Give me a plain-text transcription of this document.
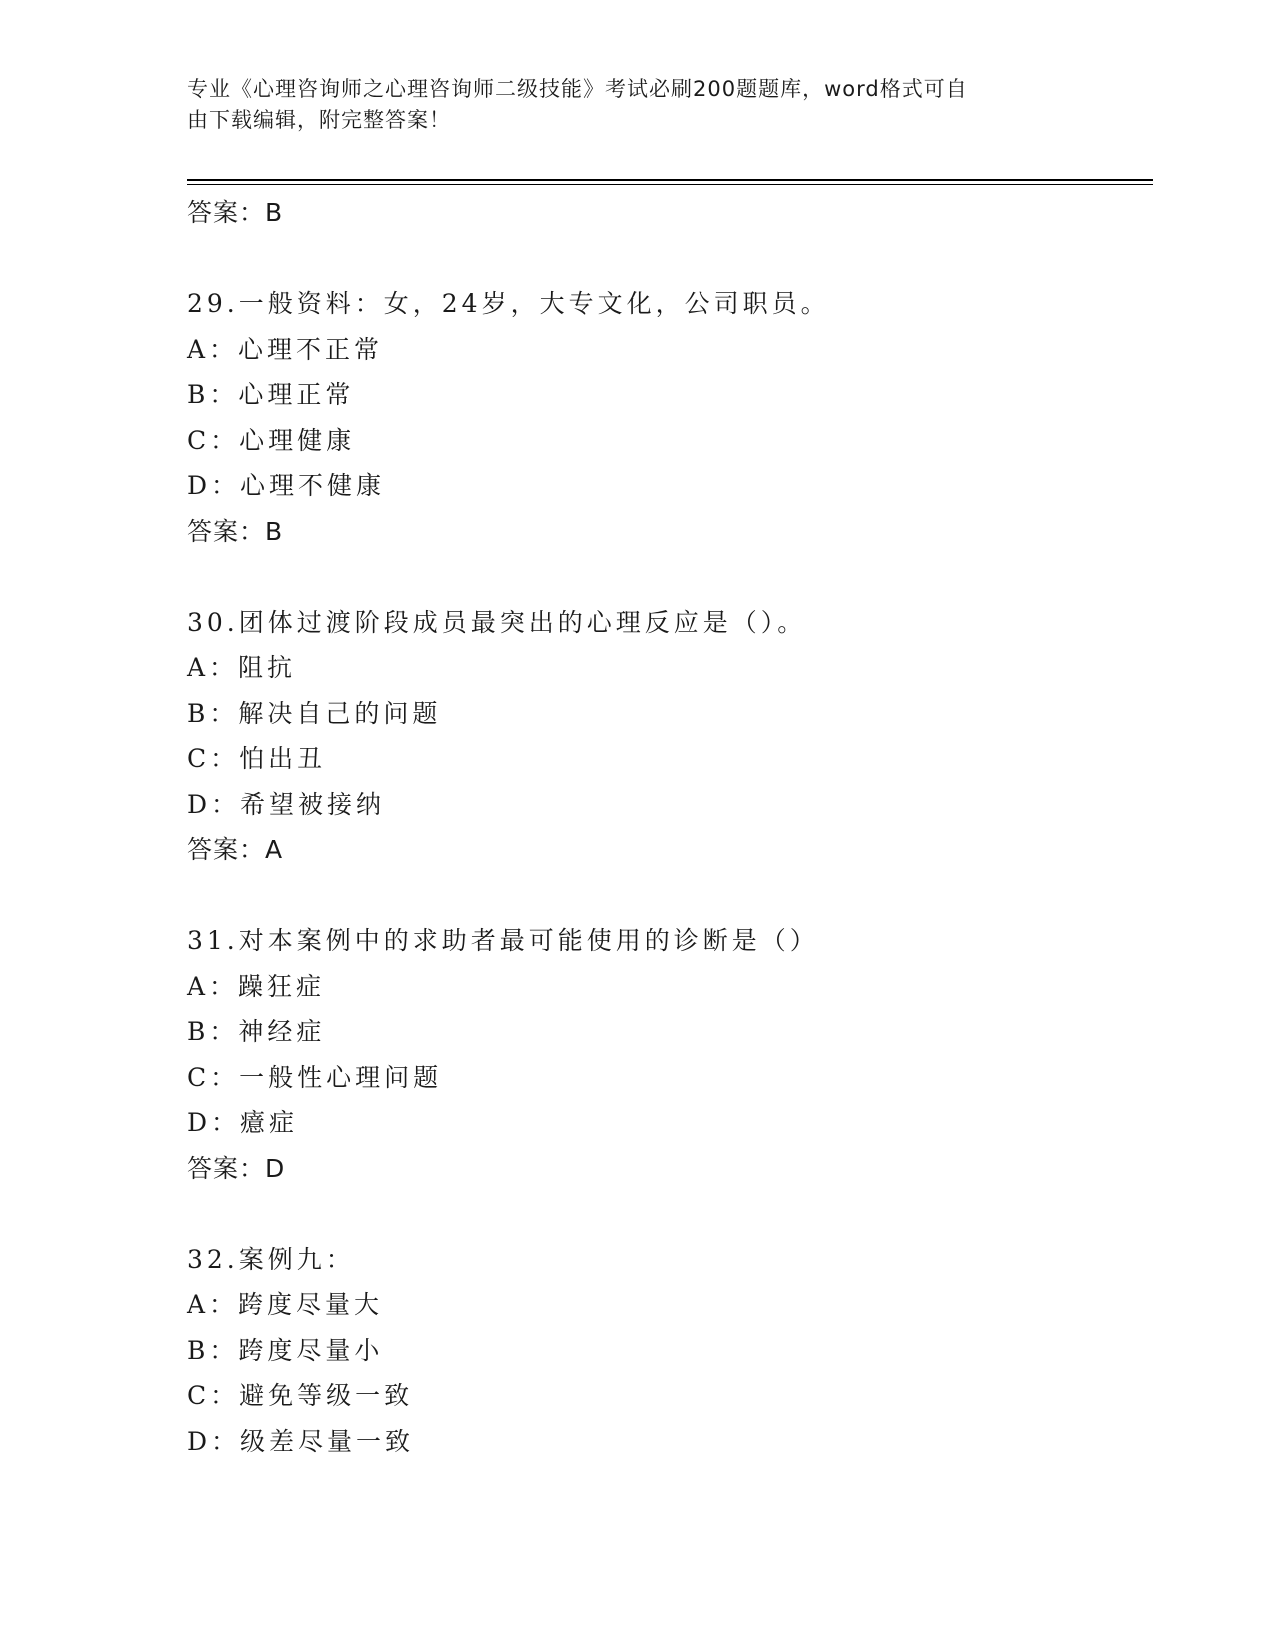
专业《心理咨询师之心理咨询师二级技能》考试必刷200题题库，word格式可自
由下载编辑，附完整答案！
答案：B
29.一般资料：女，24岁，大专文化，公司职员。
A：心理不正常
B：心理正常
C：心理健康
D：心理不健康
答案：B
30.团体过渡阶段成员最突出的心理反应是（）。
A：阻抗
B：解决自己的问题
C：怕出丑
D：希望被接纳
答案：A
31.对本案例中的求助者最可能使用的诊断是（）
A：躁狂症
B：神经症
C：一般性心理问题
D：癔症
答案：D
32.案例九：
A：跨度尽量大
B：跨度尽量小
C：避免等级一致
D：级差尽量一致
